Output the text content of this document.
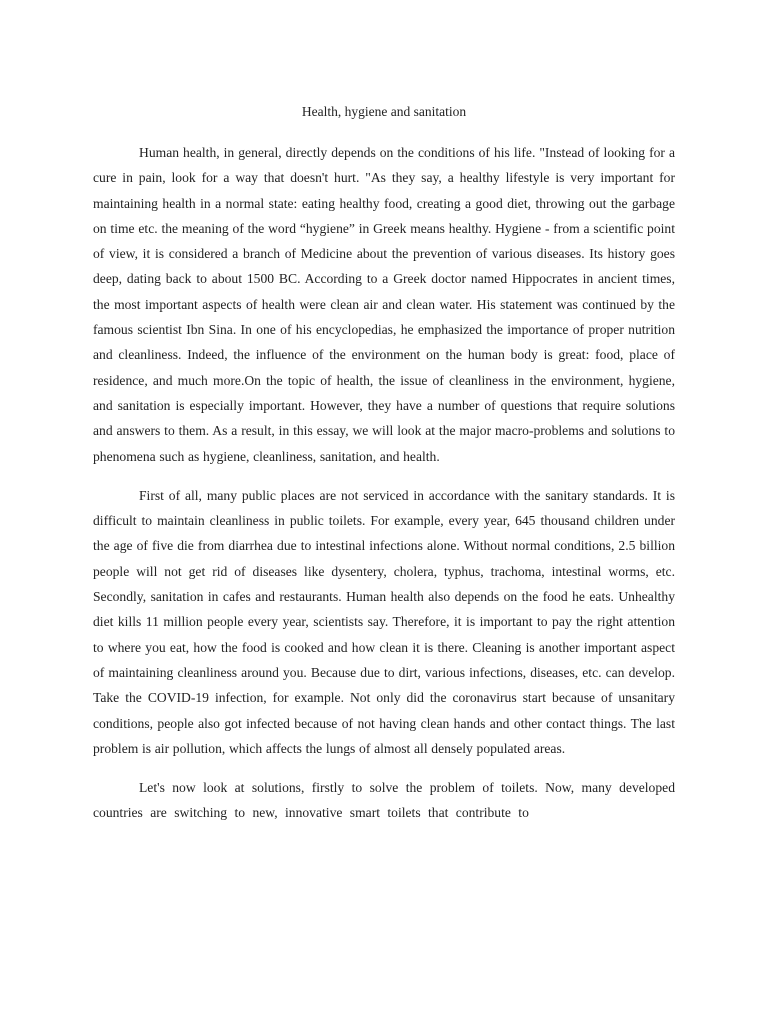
Health, hygiene and sanitation

Human health, in general, directly depends on the conditions of his life. "Instead of looking for a cure in pain, look for a way that doesn't hurt. "As they say, a healthy lifestyle is very important for maintaining health in a normal state: eating healthy food, creating a good diet, throwing out the garbage on time etc. the meaning of the word “hygiene” in Greek means healthy. Hygiene - from a scientific point of view, it is considered a branch of Medicine about the prevention of various diseases. Its history goes deep, dating back to about 1500 BC. According to a Greek doctor named Hippocrates in ancient times, the most important aspects of health were clean air and clean water. His statement was continued by the famous scientist Ibn Sina. In one of his encyclopedias, he emphasized the importance of proper nutrition and cleanliness. Indeed, the influence of the environment on the human body is great: food, place of residence, and much more.On the topic of health, the issue of cleanliness in the environment, hygiene, and sanitation is especially important. However, they have a number of questions that require solutions and answers to them. As a result, in this essay, we will look at the major macro-problems and solutions to phenomena such as hygiene, cleanliness, sanitation, and health.

First of all, many public places are not serviced in accordance with the sanitary standards. It is difficult to maintain cleanliness in public toilets. For example, every year, 645 thousand children under the age of five die from diarrhea due to intestinal infections alone. Without normal conditions, 2.5 billion people will not get rid of diseases like dysentery, cholera, typhus, trachoma, intestinal worms, etc. Secondly, sanitation in cafes and restaurants. Human health also depends on the food he eats. Unhealthy diet kills 11 million people every year, scientists say. Therefore, it is important to pay the right attention to where you eat, how the food is cooked and how clean it is there. Cleaning is another important aspect of maintaining cleanliness around you. Because due to dirt, various infections, diseases, etc. can develop. Take the COVID-19 infection, for example. Not only did the coronavirus start because of unsanitary conditions, people also got infected because of not having clean hands and other contact things. The last problem is air pollution, which affects the lungs of almost all densely populated areas.

Let's now look at solutions, firstly to solve the problem of toilets. Now, many developed countries are switching to new, innovative smart toilets that contribute to
